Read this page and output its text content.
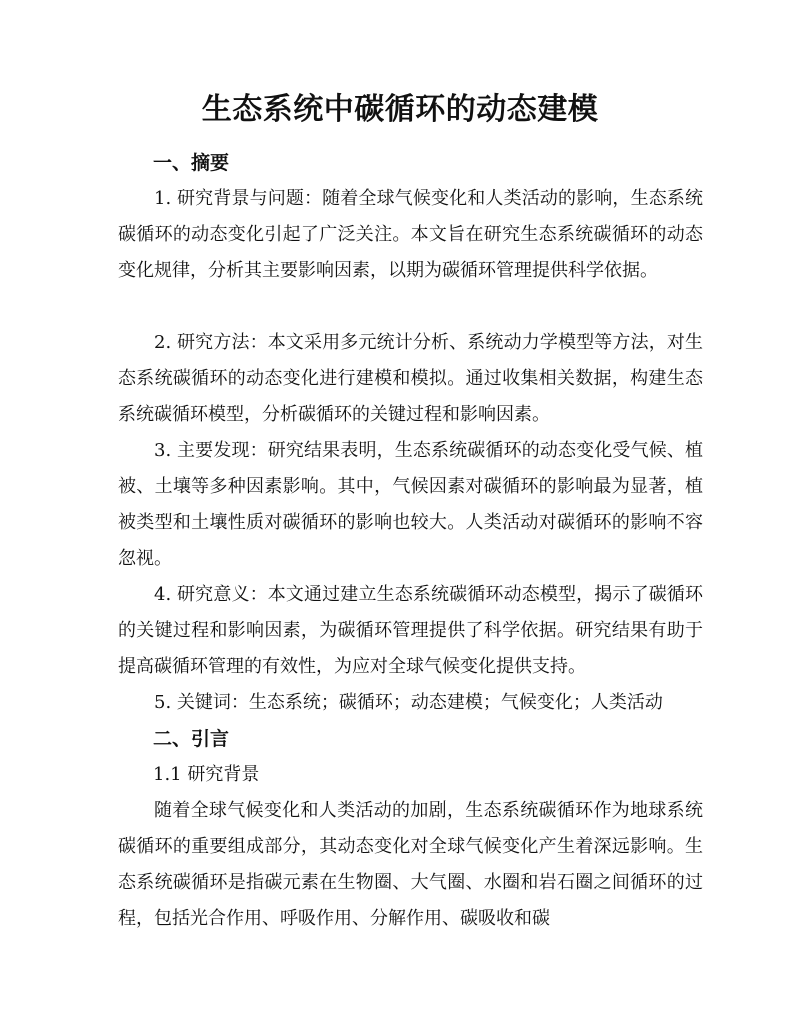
生态系统中碳循环的动态建模
一、摘要

1. 研究背景与问题：随着全球气候变化和人类活动的影响，生态系统碳循环的动态变化引起了广泛关注。本文旨在研究生态系统碳循环的动态变化规律，分析其主要影响因素，以期为碳循环管理提供科学依据。

2. 研究方法：本文采用多元统计分析、系统动力学模型等方法，对生态系统碳循环的动态变化进行建模和模拟。通过收集相关数据，构建生态系统碳循环模型，分析碳循环的关键过程和影响因素。

3. 主要发现：研究结果表明，生态系统碳循环的动态变化受气候、植被、土壤等多种因素影响。其中，气候因素对碳循环的影响最为显著，植被类型和土壤性质对碳循环的影响也较大。人类活动对碳循环的影响不容忽视。

4. 研究意义：本文通过建立生态系统碳循环动态模型，揭示了碳循环的关键过程和影响因素，为碳循环管理提供了科学依据。研究结果有助于提高碳循环管理的有效性，为应对全球气候变化提供支持。

5. 关键词：生态系统；碳循环；动态建模；气候变化；人类活动

二、引言
1.1 研究背景

随着全球气候变化和人类活动的加剧，生态系统碳循环作为地球系统碳循环的重要组成部分，其动态变化对全球气候变化产生着深远影响。生态系统碳循环是指碳元素在生物圈、大气圈、水圈和岩石圈之间循环的过程，包括光合作用、呼吸作用、分解作用、碳吸收和碳
